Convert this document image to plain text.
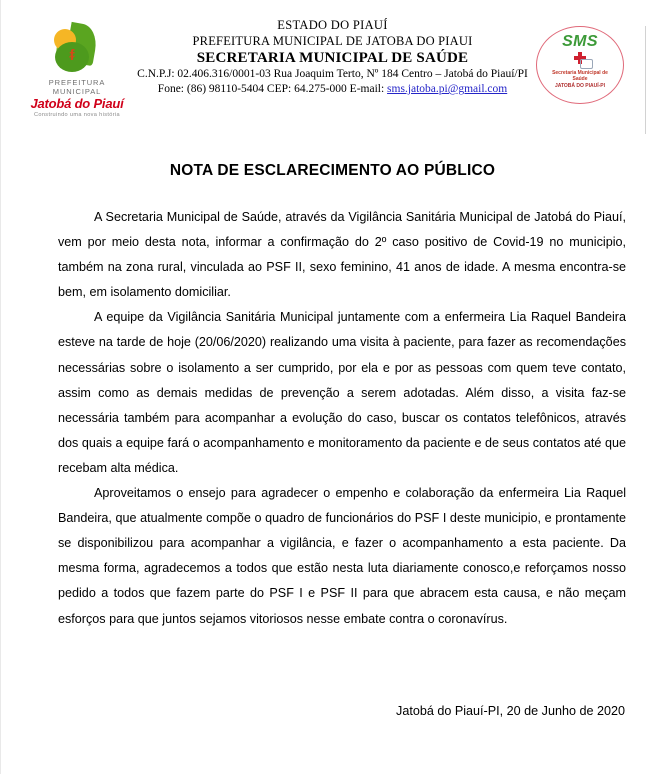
ᵮ
PREFEITURA MUNICIPAL
Jatobá do Piauí
Construindo uma nova história
SMS
Secretaria Municipal de
Saúde
JATOBÁ DO PIAUÍ-PI
ESTADO DO PIAUÍ
PREFEITURA MUNICIPAL DE JATOBA DO PIAUI
SECRETARIA MUNICIPAL DE SAÚDE
C.N.P.J: 02.406.316/0001-03 Rua Joaquim Terto, Nº 184 Centro – Jatobá do Piauí/PI
Fone: (86) 98110-5404 CEP: 64.275-000 E-mail: sms.jatoba.pi@gmail.com
NOTA DE ESCLARECIMENTO AO PÚBLICO

A Secretaria Municipal de Saúde, através da Vigilância Sanitária Municipal de Jatobá do Piauí, vem por meio desta nota, informar a confirmação do 2º caso positivo de Covid-19 no municipio, também na zona rural, vinculada ao PSF II, sexo feminino, 41 anos de idade. A mesma encontra-se bem, em isolamento domiciliar.

A equipe da Vigilância Sanitária Municipal juntamente com a enfermeira Lia Raquel Bandeira esteve na tarde de hoje (20/06/2020) realizando uma visita à paciente, para fazer as recomendações necessárias sobre o isolamento a ser cumprido, por ela e por as pessoas com quem teve contato, assim como as demais medidas de prevenção a serem adotadas. Além disso, a visita faz-se necessária também para acompanhar a evolução do caso, buscar os contatos telefônicos, através dos quais a equipe fará o acompanhamento e monitoramento da paciente e de seus contatos até que recebam alta médica.

Aproveitamos o ensejo para agradecer o empenho e colaboração da enfermeira Lia Raquel Bandeira, que atualmente compõe o quadro de funcionários do PSF I deste municipio, e prontamente se disponibilizou para acompanhar a vigilância, e fazer o acompanhamento a esta paciente. Da mesma forma, agradecemos a todos que estão nesta luta diariamente conosco,e reforçamos nosso pedido a todos que fazem parte do PSF I e PSF II para que abracem esta causa, e não meçam esforços para que juntos sejamos vitoriosos nesse embate contra o coronavírus.

Jatobá do Piauí-PI, 20 de Junho de 2020
